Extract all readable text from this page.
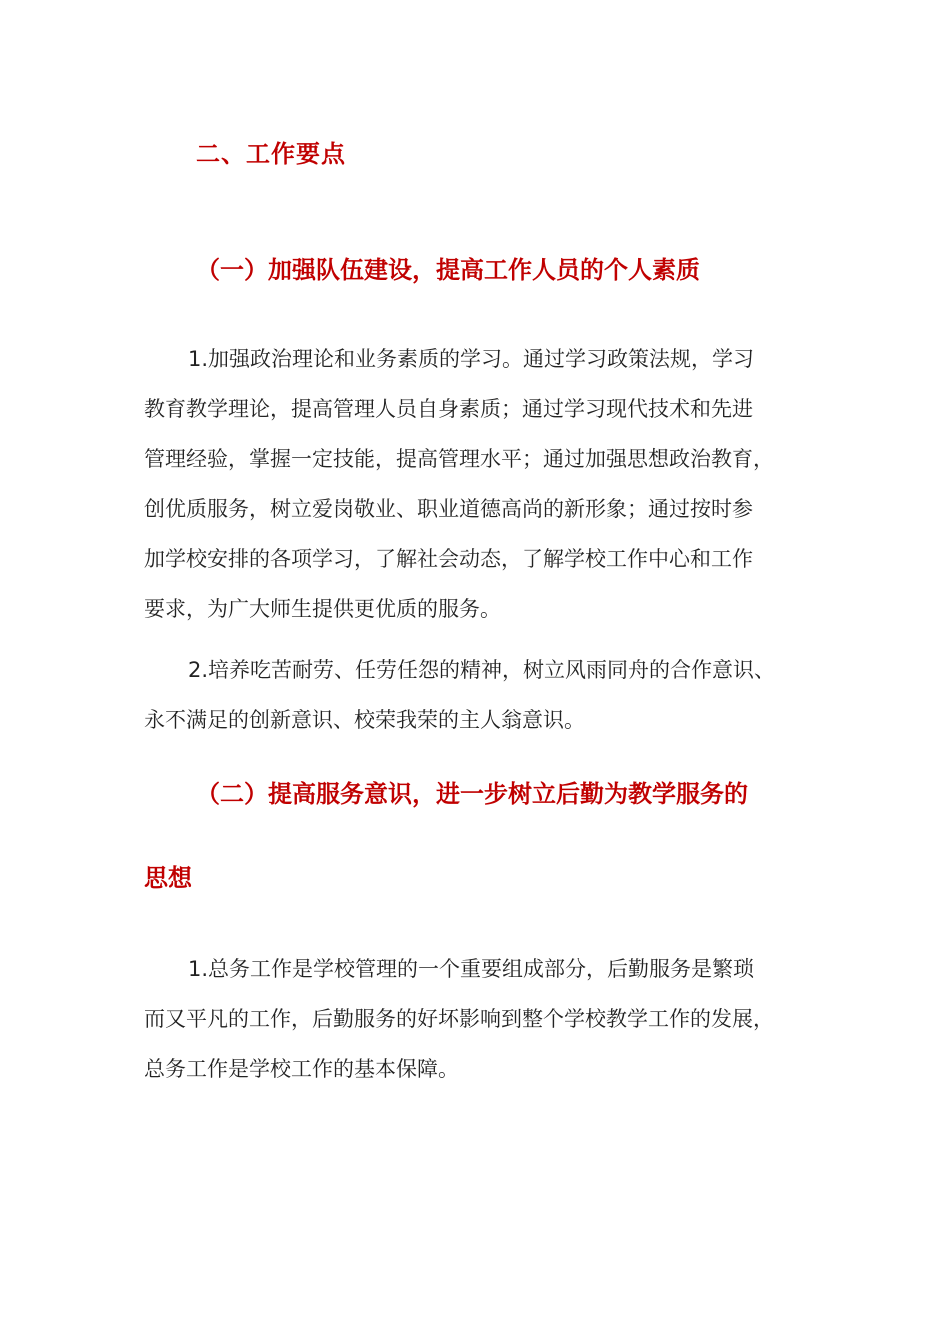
二、工作要点
（一）加强队伍建设，提高工作人员的个人素质
1.加强政治理论和业务素质的学习。通过学习政策法规，学习
教育教学理论，提高管理人员自身素质；通过学习现代技术和先进
管理经验，掌握一定技能，提高管理水平；通过加强思想政治教育，
创优质服务，树立爱岗敬业、职业道德高尚的新形象；通过按时参
加学校安排的各项学习，了解社会动态，了解学校工作中心和工作
要求，为广大师生提供更优质的服务。
2.培养吃苦耐劳、任劳任怨的精神，树立风雨同舟的合作意识、
永不满足的创新意识、校荣我荣的主人翁意识。
（二）提高服务意识，进一步树立后勤为教学服务的
思想
1.总务工作是学校管理的一个重要组成部分，后勤服务是繁琐
而又平凡的工作，后勤服务的好坏影响到整个学校教学工作的发展，
总务工作是学校工作的基本保障。
